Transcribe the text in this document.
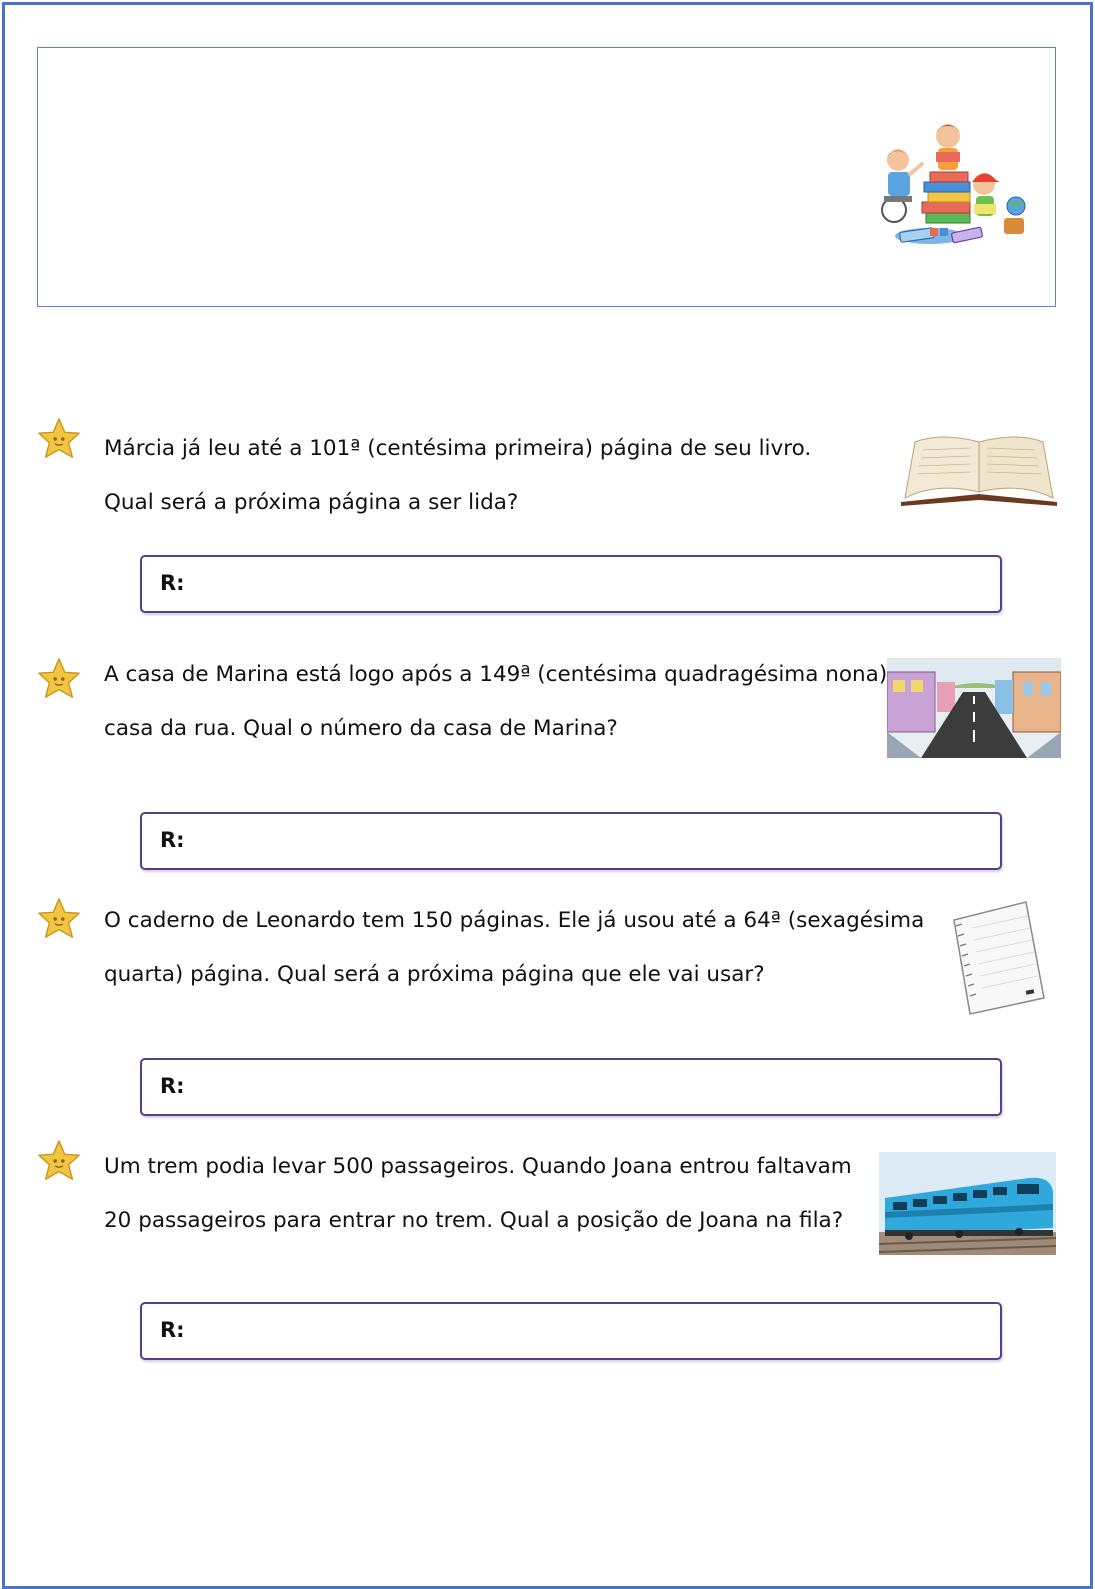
Márcia já leu até a 101ª (centésima primeira) página de seu livro.
Qual será a próxima página a ser lida?

R:

A casa de Marina está logo após a 149ª (centésima quadragésima nona)
casa da rua. Qual o número da casa de Marina?

R:

O caderno de Leonardo tem 150 páginas. Ele já usou até a 64ª (sexagésima
quarta) página. Qual será a próxima página que ele vai usar?

R:

Um trem podia levar 500 passageiros. Quando Joana entrou faltavam
20 passageiros para entrar no trem. Qual a posição de Joana na fila?

R:
